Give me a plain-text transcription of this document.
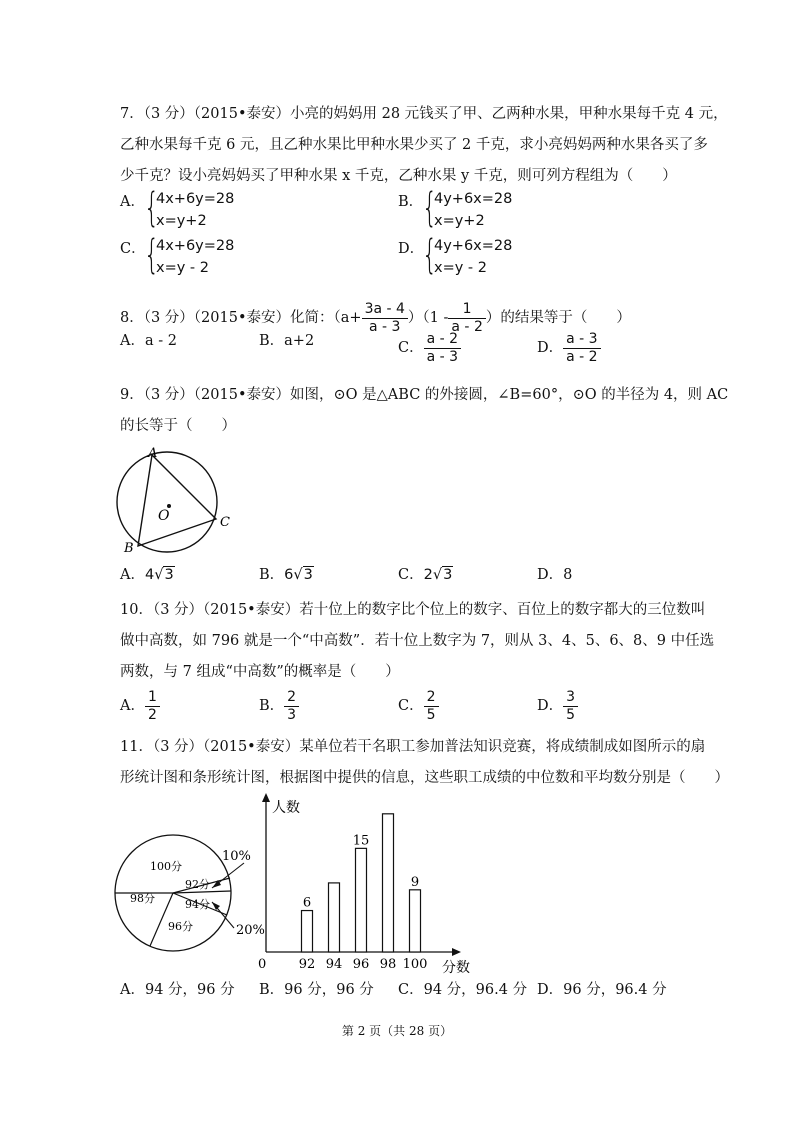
7．（3 分）（2015•泰安）小亮的妈妈用 28 元钱买了甲、乙两种水果，甲种水果每千克 4 元，
乙种水果每千克 6 元，且乙种水果比甲种水果少买了 2 千克，求小亮妈妈两种水果各买了多
少千克？设小亮妈妈买了甲种水果 x 千克，乙种水果 y 千克，则可列方程组为（　　）
A． {
4x+6y=28
x=y+2
B．
{
4y+6x=28
x=y+2
C．
{
4x+6y=28
x=y - 2
D．
{
4y+6x=28
x=y - 2
8．（3 分）（2015•泰安）化简：$(a+ \frac{3a - 4}{a - 3} )(1 - \frac{1}{a - 2}$ ）的结果等于（　　）
A．a - 2	B．a+2	C． $\frac{a - 2}{a - 3}$	D． $\frac{a - 3}{a - 2}$
9．（3 分）（2015•泰安）如图，⊙O 是△ABC 的外接圆，∠B=60°，⊙O 的半径为 4，则 AC
的长等于（　　）
A
B
C
O
A．4√3	B．6√3	C．2√3	D．8
10．（3 分）（2015•泰安）若十位上的数字比个位上的数字、百位上的数字都大的三位数叫
做中高数，如 796 就是一个“中高数”．若十位上数字为 7，则从 3、4、5、6、8、9 中任选
两数，与 7 组成“中高数”的概率是（　　）
A． $\frac{1}{2}$	B． $\frac{2}{3}$	C． $\frac{2}{5}$	D． $\frac{3}{5}$
11．（3 分）（2015•泰安）某单位若干名职工参加普法知识竞赛，将成绩制成如图所示的扇
形统计图和条形统计图，根据图中提供的信息，这些职工成绩的中位数和平均数分别是（　　）
100分
92分
94分
96分
98分
10%
20%
人数
分数
0 92
6
94 96
15
98 100
9
A．94 分，96 分 B．96 分，96 分 C．94 分，96.4 分 D．96 分，96.4 分
第 2 页（共 28 页）
